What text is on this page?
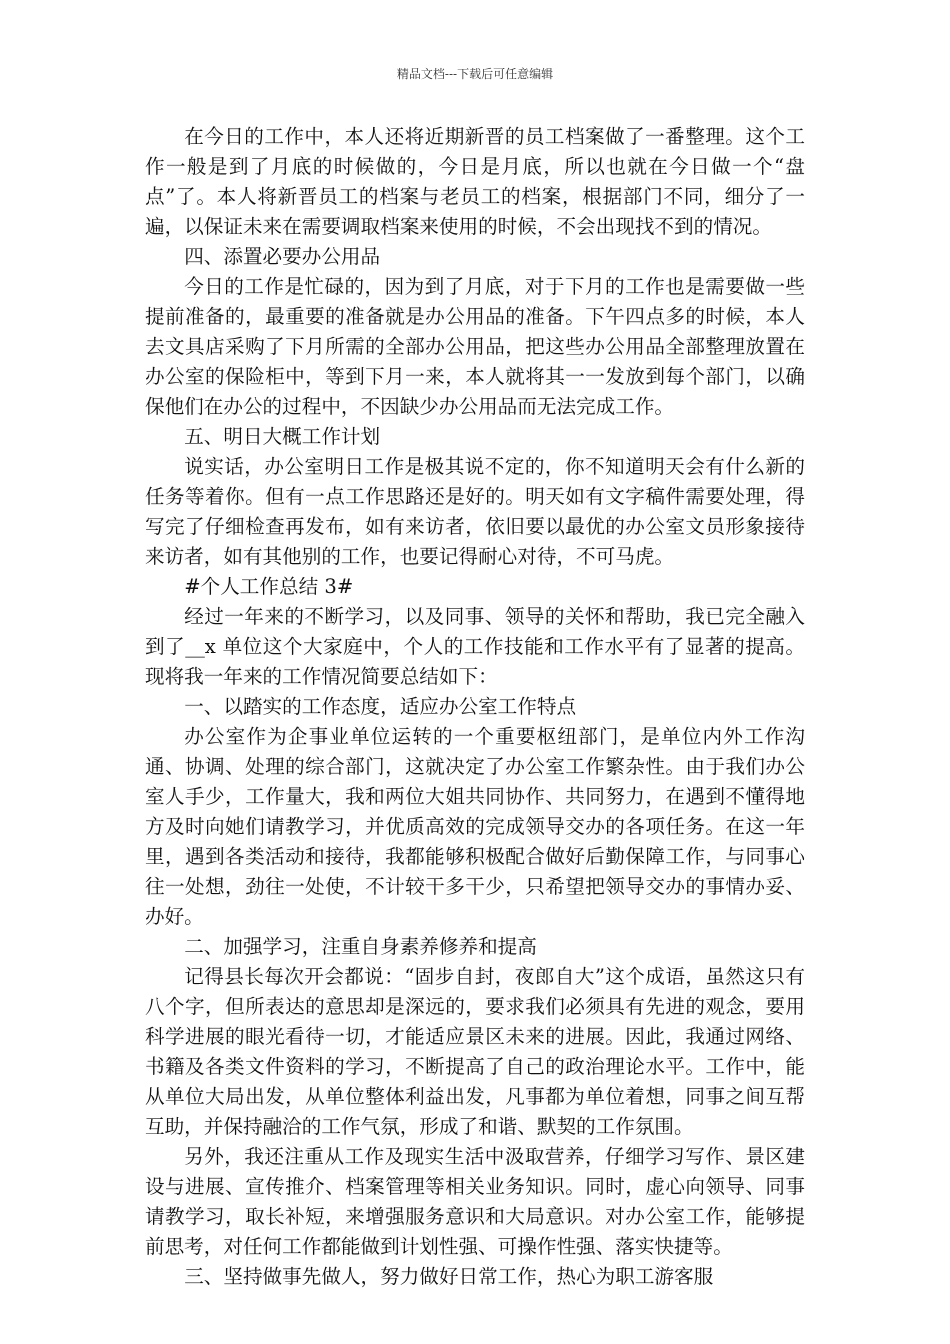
精品文档---下载后可任意编辑

在今日的工作中，本人还将近期新晋的员工档案做了一番整理。这个工作一般是到了月底的时候做的，今日是月底，所以也就在今日做一个“盘点”了。本人将新晋员工的档案与老员工的档案，根据部门不同，细分了一遍，以保证未来在需要调取档案来使用的时候，不会出现找不到的情况。

四、添置必要办公用品

今日的工作是忙碌的，因为到了月底，对于下月的工作也是需要做一些提前准备的，最重要的准备就是办公用品的准备。下午四点多的时候，本人去文具店采购了下月所需的全部办公用品，把这些办公用品全部整理放置在办公室的保险柜中，等到下月一来，本人就将其一一发放到每个部门，以确保他们在办公的过程中，不因缺少办公用品而无法完成工作。

五、明日大概工作计划

说实话，办公室明日工作是极其说不定的，你不知道明天会有什么新的任务等着你。但有一点工作思路还是好的。明天如有文字稿件需要处理，得写完了仔细检查再发布，如有来访者，依旧要以最优的办公室文员形象接待来访者，如有其他别的工作，也要记得耐心对待，不可马虎。

#个人工作总结 3#

经过一年来的不断学习，以及同事、领导的关怀和帮助，我已完全融入到了__x 单位这个大家庭中，个人的工作技能和工作水平有了显著的提高。现将我一年来的工作情况简要总结如下：

一、以踏实的工作态度，适应办公室工作特点

办公室作为企事业单位运转的一个重要枢纽部门，是单位内外工作沟通、协调、处理的综合部门，这就决定了办公室工作繁杂性。由于我们办公室人手少，工作量大，我和两位大姐共同协作、共同努力，在遇到不懂得地方及时向她们请教学习，并优质高效的完成领导交办的各项任务。在这一年里，遇到各类活动和接待，我都能够积极配合做好后勤保障工作，与同事心往一处想，劲往一处使，不计较干多干少，只希望把领导交办的事情办妥、办好。

二、加强学习，注重自身素养修养和提高

记得县长每次开会都说：“固步自封，夜郎自大”这个成语，虽然这只有八个字，但所表达的意思却是深远的，要求我们必须具有先进的观念，要用科学进展的眼光看待一切，才能适应景区未来的进展。因此，我通过网络、书籍及各类文件资料的学习，不断提高了自己的政治理论水平。工作中，能从单位大局出发，从单位整体利益出发，凡事都为单位着想，同事之间互帮互助，并保持融洽的工作气氛，形成了和谐、默契的工作氛围。

另外，我还注重从工作及现实生活中汲取营养，仔细学习写作、景区建设与进展、宣传推介、档案管理等相关业务知识。同时，虚心向领导、同事请教学习，取长补短，来增强服务意识和大局意识。对办公室工作，能够提前思考，对任何工作都能做到计划性强、可操作性强、落实快捷等。

三、坚持做事先做人，努力做好日常工作，热心为职工游客服
